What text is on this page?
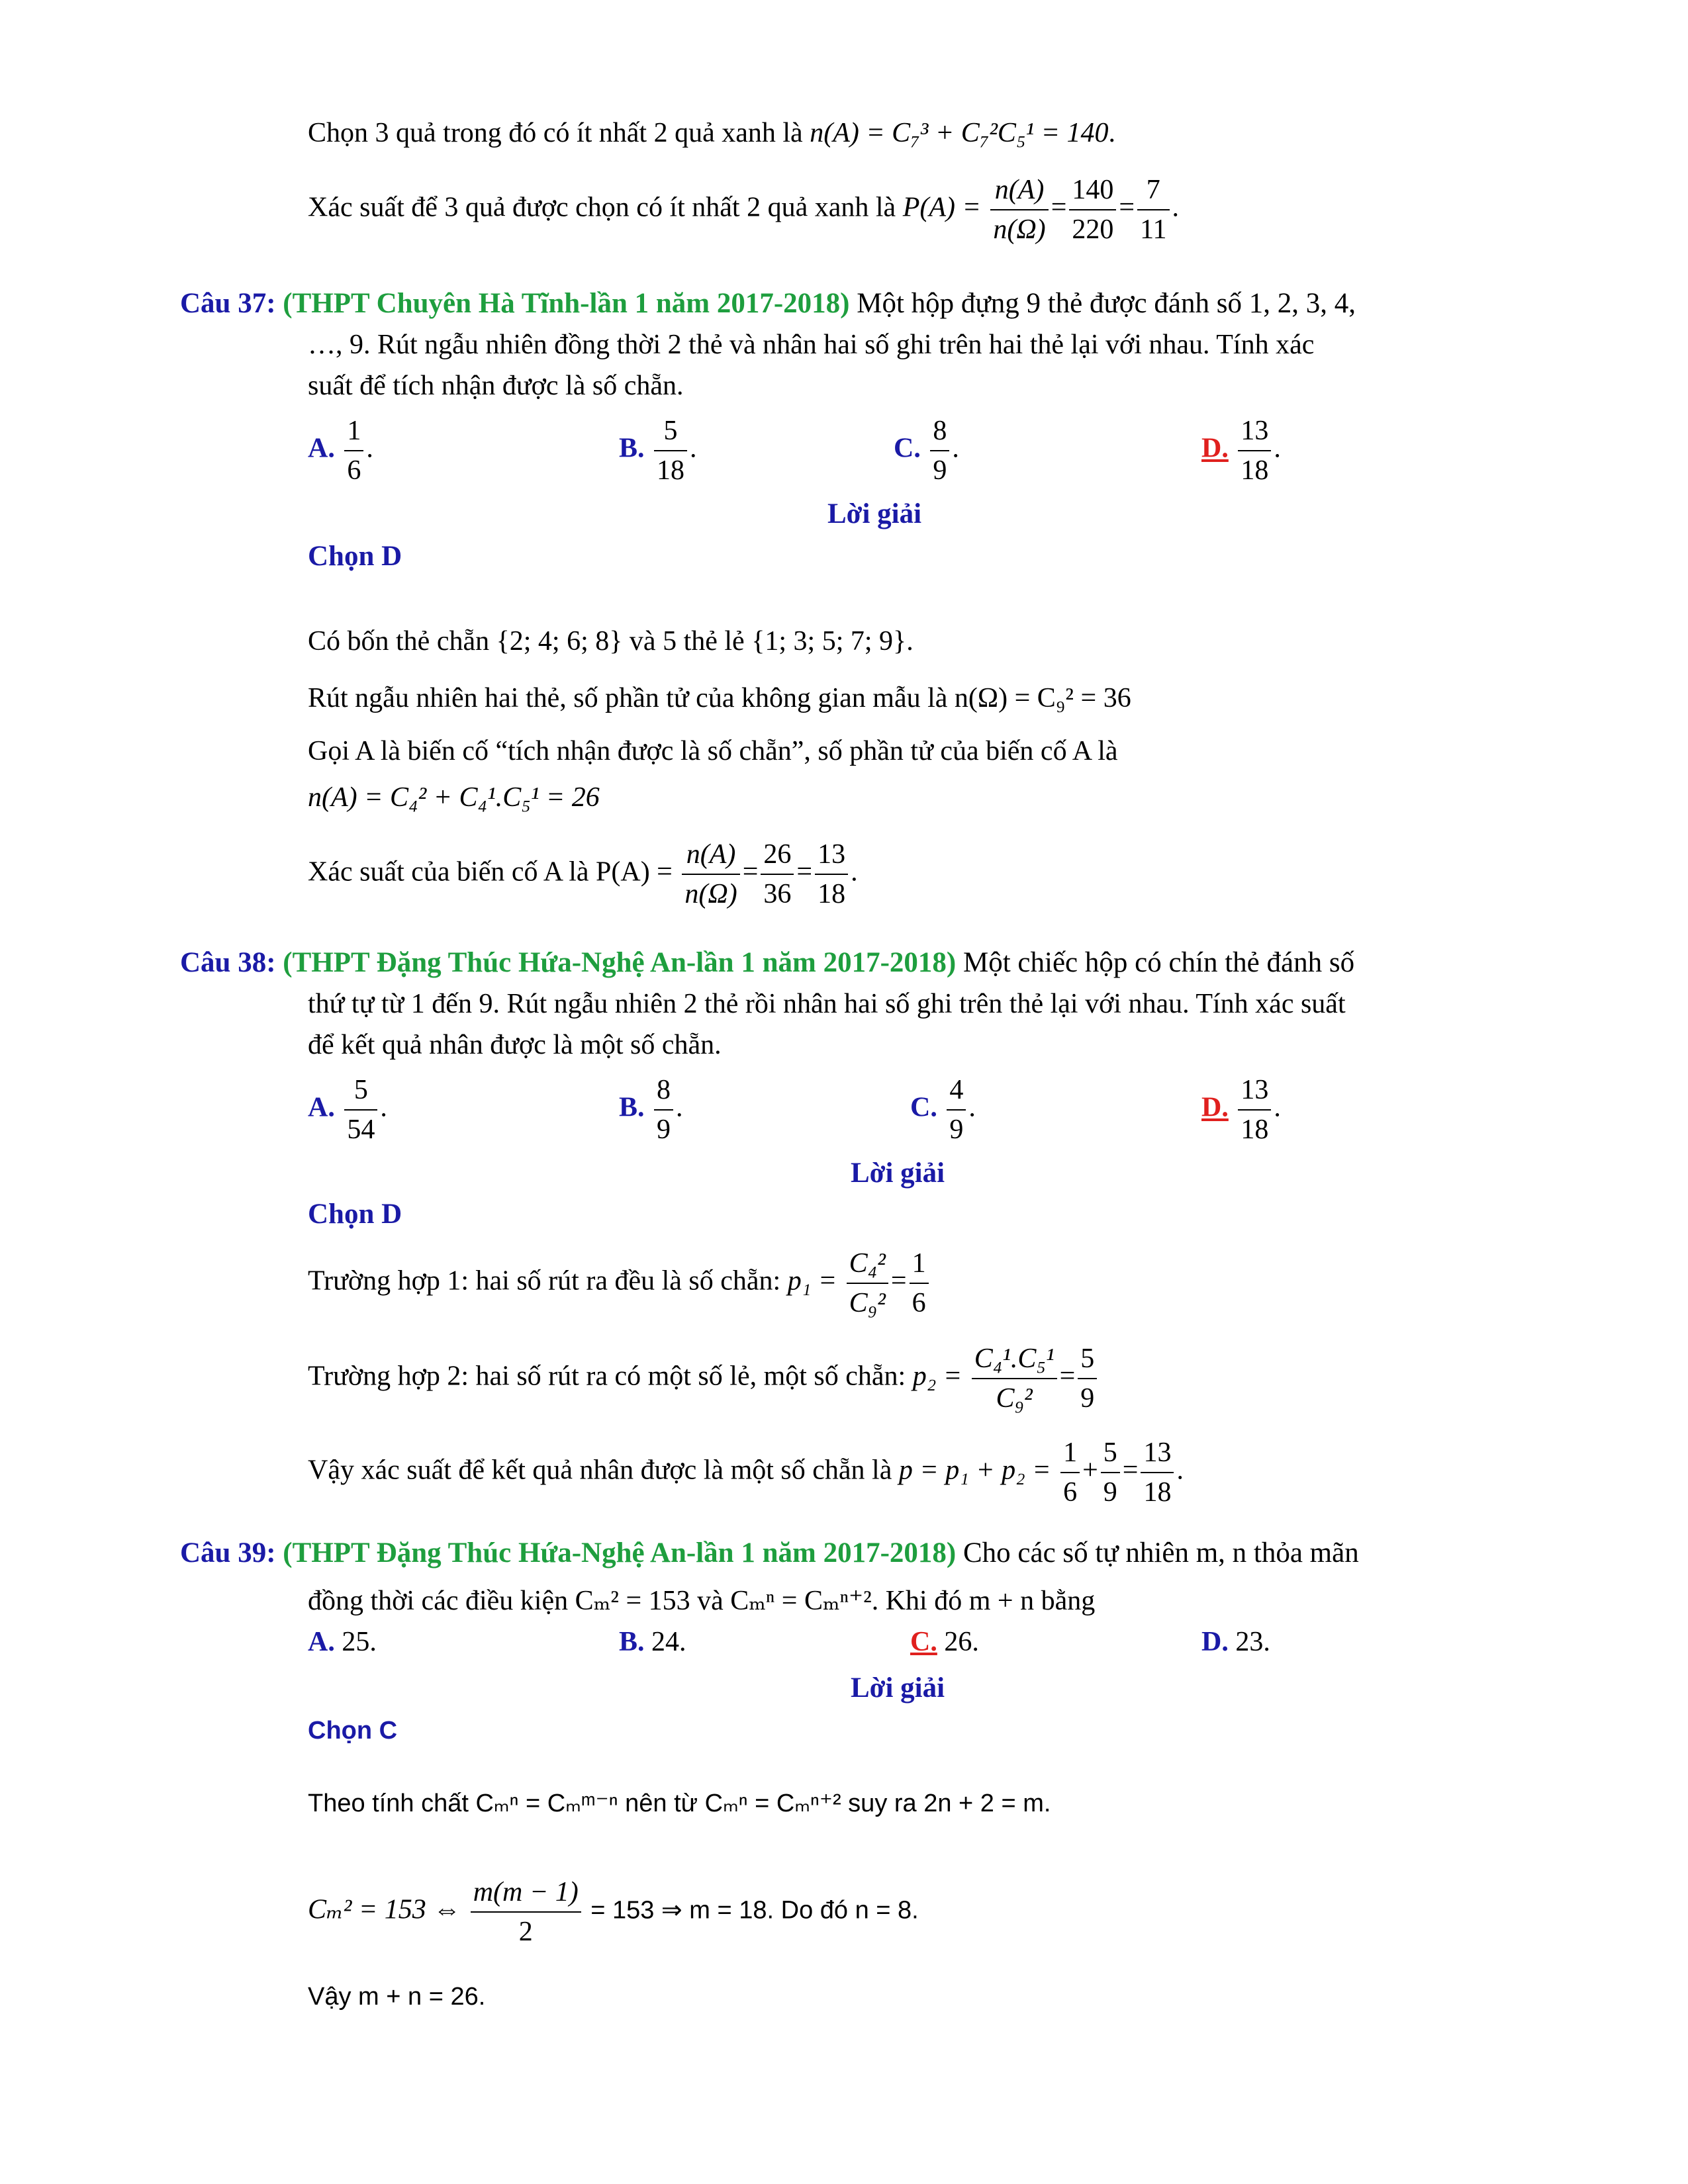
Chọn 3 quả trong đó có ít nhất 2 quả xanh là n(A) = C₇³ + C₇²C₅¹ = 140.
Xác suất để 3 quả được chọn có ít nhất 2 quả xanh là $P(A) = \frac{n(A)}{n(\Omega)} = \frac{140}{220} = \frac{7}{11}$ .
Câu 37: (THPT Chuyên Hà Tĩnh-lần 1 năm 2017-2018) Một hộp đựng 9 thẻ được đánh số 1, 2, 3, 4,
…, 9. Rút ngẫu nhiên đồng thời 2 thẻ và nhân hai số ghi trên hai thẻ lại với nhau. Tính xác
suất để tích nhận được là số chẵn.
A. $\frac{1}{6}$ .	B. $\frac{5}{18}$ .	C. $\frac{8}{9}$ .	D. $\frac{13}{18}$ .
Lời giải
Chọn D
Có bốn thẻ chẵn {2; 4; 6; 8} và 5 thẻ lẻ {1; 3; 5; 7; 9}.
Rút ngẫu nhiên hai thẻ, số phần tử của không gian mẫu là n(Ω) = C₉² = 36
Gọi A là biến cố “tích nhận được là số chẵn”, số phần tử của biến cố A là
n(A) = C₄² + C₄¹.C₅¹ = 26
Xác suất của biến cố A là $P(A) = \frac{n(A)}{n(\Omega)} = \frac{26}{36} = \frac{13}{18}$ .
Câu 38: (THPT Đặng Thúc Hứa-Nghệ An-lần 1 năm 2017-2018) Một chiếc hộp có chín thẻ đánh số
thứ tự từ 1 đến 9. Rút ngẫu nhiên 2 thẻ rồi nhân hai số ghi trên thẻ lại với nhau. Tính xác suất
để kết quả nhân được là một số chẵn.
A. $\frac{5}{54}$ .	B. $\frac{8}{9}$ .	C. $\frac{4}{9}$ .	D. $\frac{13}{18}$ .
Lời giải
Chọn D
Trường hợp 1: hai số rút ra đều là số chẵn: $p_1 = \frac{\text{C₄²}}{\text{C₉²}} = \frac{1}{6}$
Trường hợp 2: hai số rút ra có một số lẻ, một số chẵn: $p_2 = \frac{\text{C₄¹.C₅¹}}{\text{C₉²}} = \frac{5}{9}$
Vậy xác suất để kết quả nhân được là một số chẵn là $p = p_1 + p_2 = \frac{1}{6} + \frac{5}{9} = \frac{13}{18}$ .
Câu 39: (THPT Đặng Thúc Hứa-Nghệ An-lần 1 năm 2017-2018) Cho các số tự nhiên m, n thỏa mãn
đồng thời các điều kiện Cₘ² = 153 và Cₘⁿ = Cₘⁿ⁺². Khi đó m + n bằng
A. 25.	B. 24.	C. 26.	D. 23.
Lời giải
Chọn C
Theo tính chất Cₘⁿ = Cₘᵐ⁻ⁿ nên từ Cₘⁿ = Cₘⁿ⁺² suy ra 2n + 2 = m.
Cₘ² = 153 ⇔ $\frac{m(m - 1)}{2} = 153$ ⇒ m = 18. Do đó n = 8.
Vậy m + n = 26.
